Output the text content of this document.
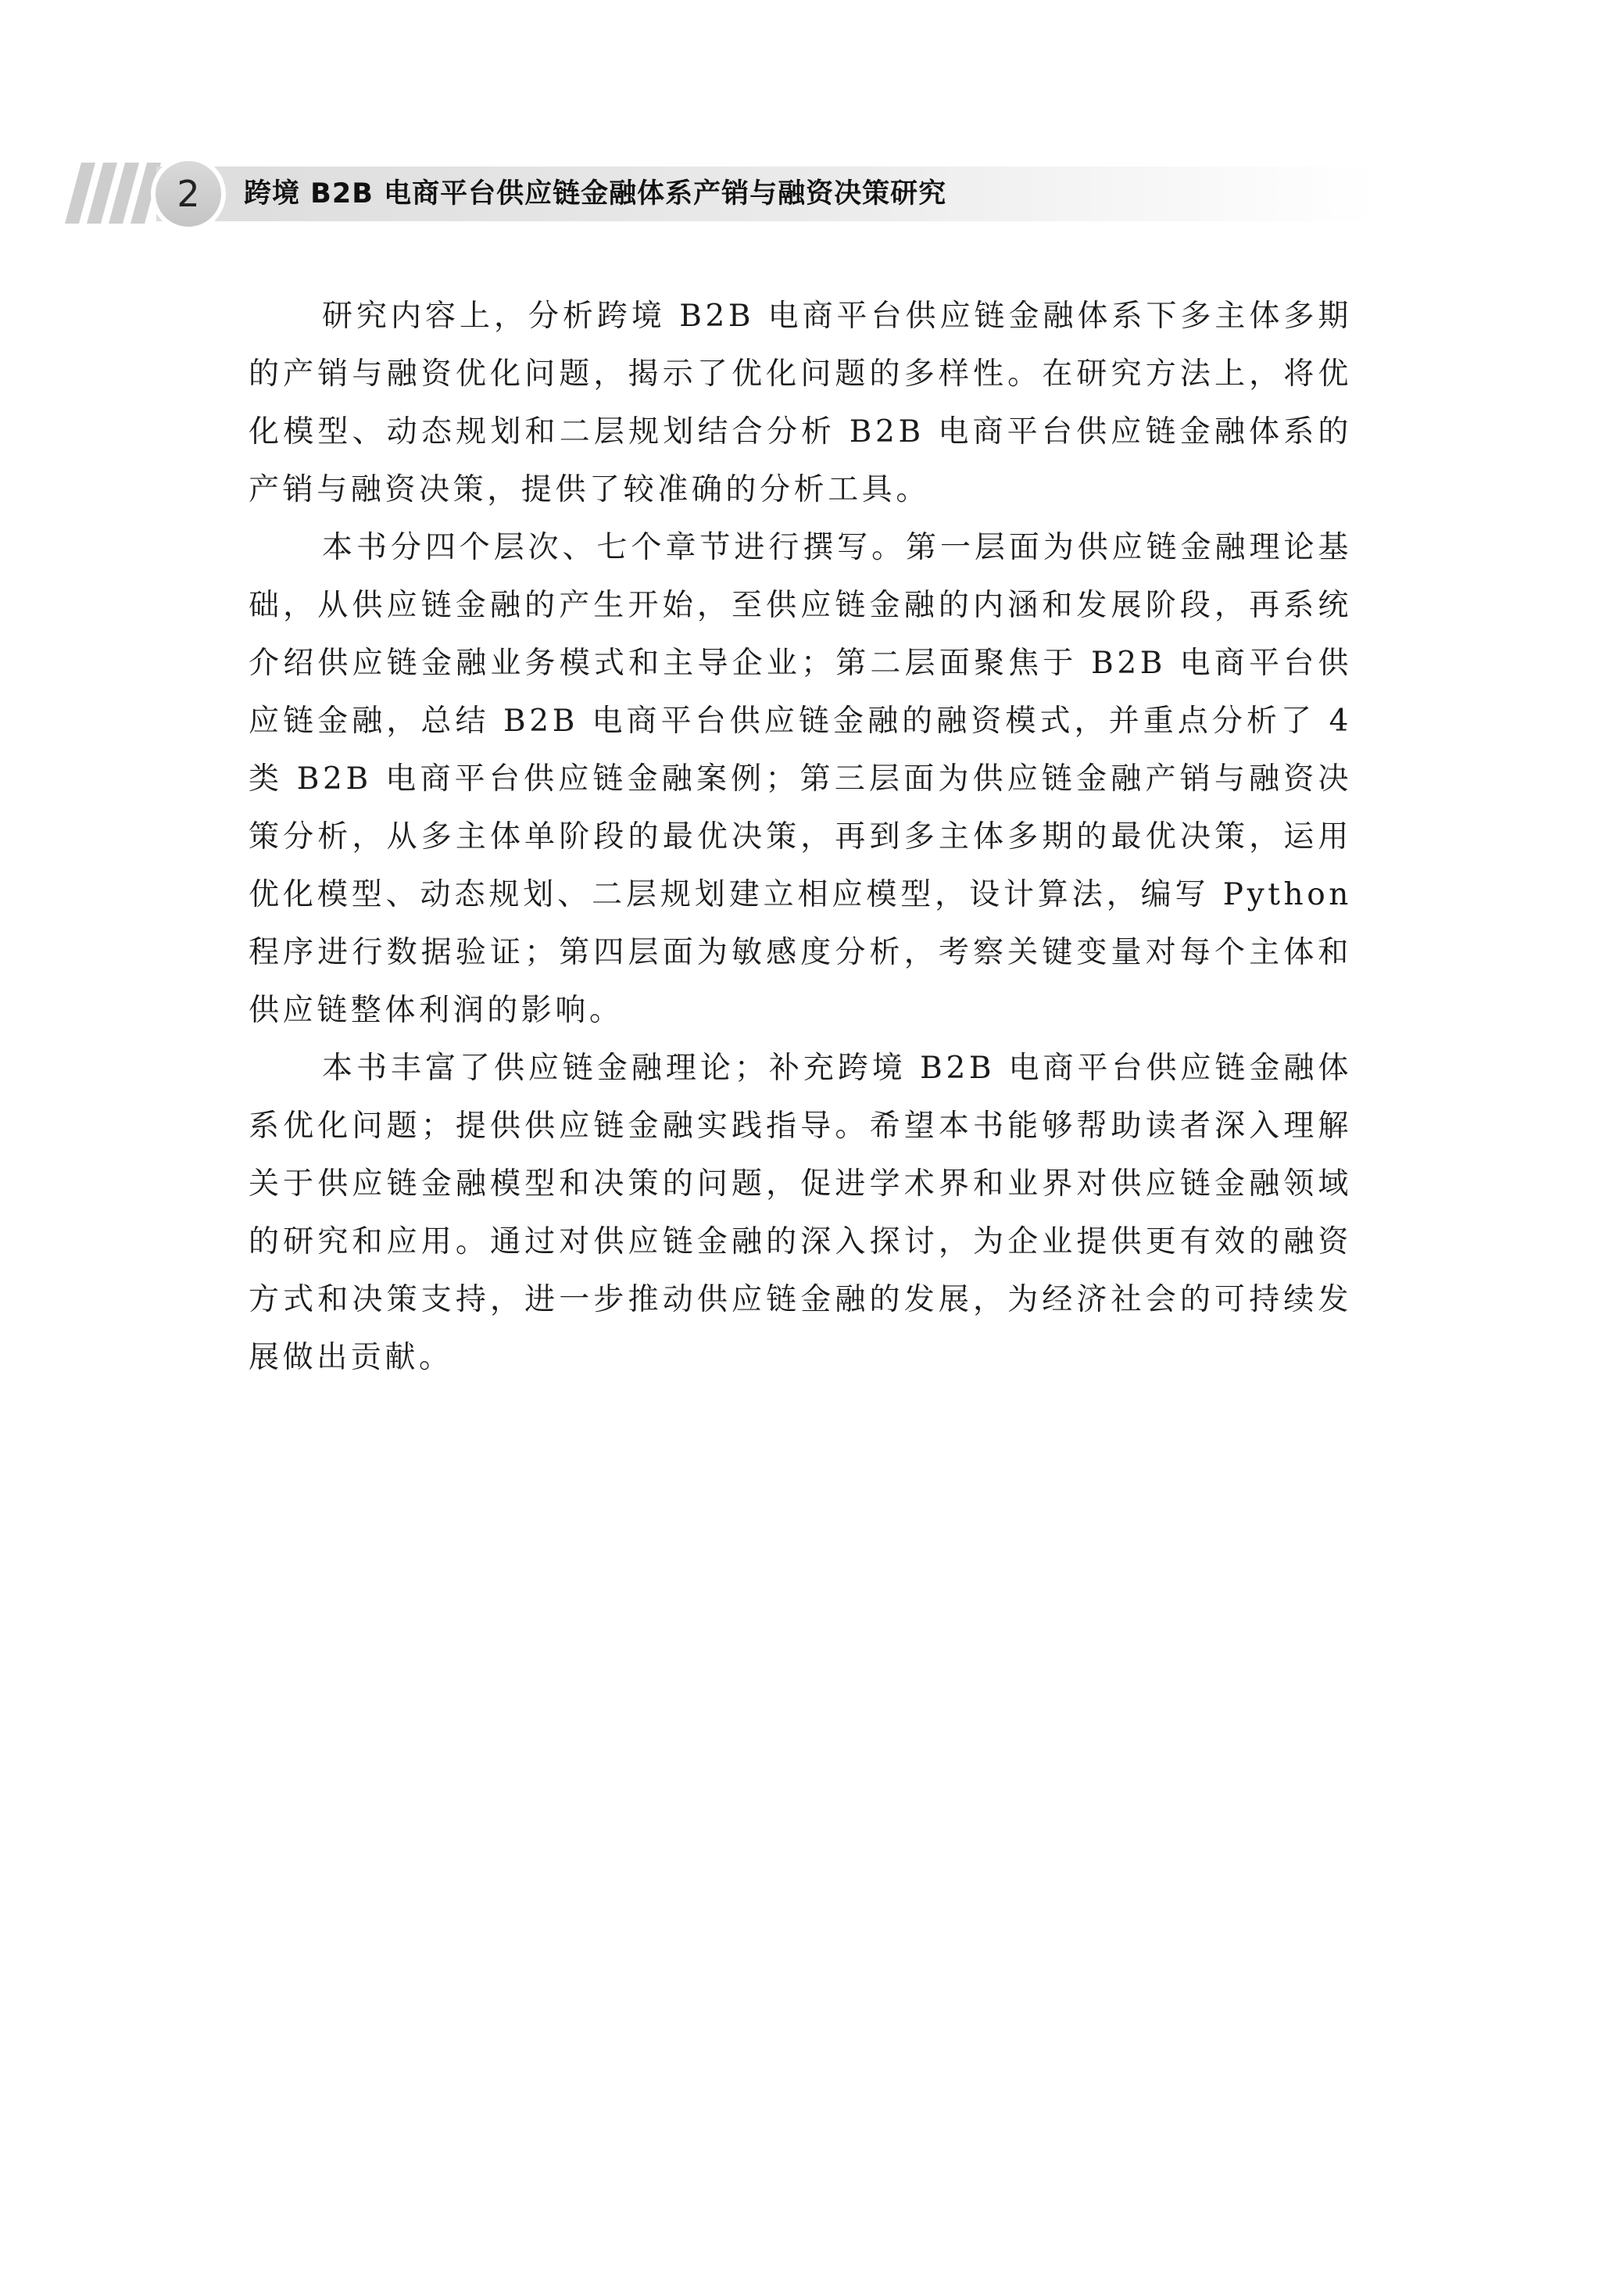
2	跨境 B2B 电商平台供应链金融体系产销与融资决策研究

研究内容上，分析跨境 B2B 电商平台供应链金融体系下多主体多期的产销与融资优化问题，揭示了优化问题的多样性。在研究方法上，将优化模型、动态规划和二层规划结合分析 B2B 电商平台供应链金融体系的产销与融资决策，提供了较准确的分析工具。

本书分四个层次、七个章节进行撰写。第一层面为供应链金融理论基础，从供应链金融的产生开始，至供应链金融的内涵和发展阶段，再系统介绍供应链金融业务模式和主导企业；第二层面聚焦于 B2B 电商平台供应链金融，总结 B2B 电商平台供应链金融的融资模式，并重点分析了 4 类 B2B 电商平台供应链金融案例；第三层面为供应链金融产销与融资决策分析，从多主体单阶段的最优决策，再到多主体多期的最优决策，运用优化模型、动态规划、二层规划建立相应模型，设计算法，编写 Python 程序进行数据验证；第四层面为敏感度分析，考察关键变量对每个主体和供应链整体利润的影响。

本书丰富了供应链金融理论；补充跨境 B2B 电商平台供应链金融体系优化问题；提供供应链金融实践指导。希望本书能够帮助读者深入理解关于供应链金融模型和决策的问题，促进学术界和业界对供应链金融领域的研究和应用。通过对供应链金融的深入探讨，为企业提供更有效的融资方式和决策支持，进一步推动供应链金融的发展，为经济社会的可持续发展做出贡献。
